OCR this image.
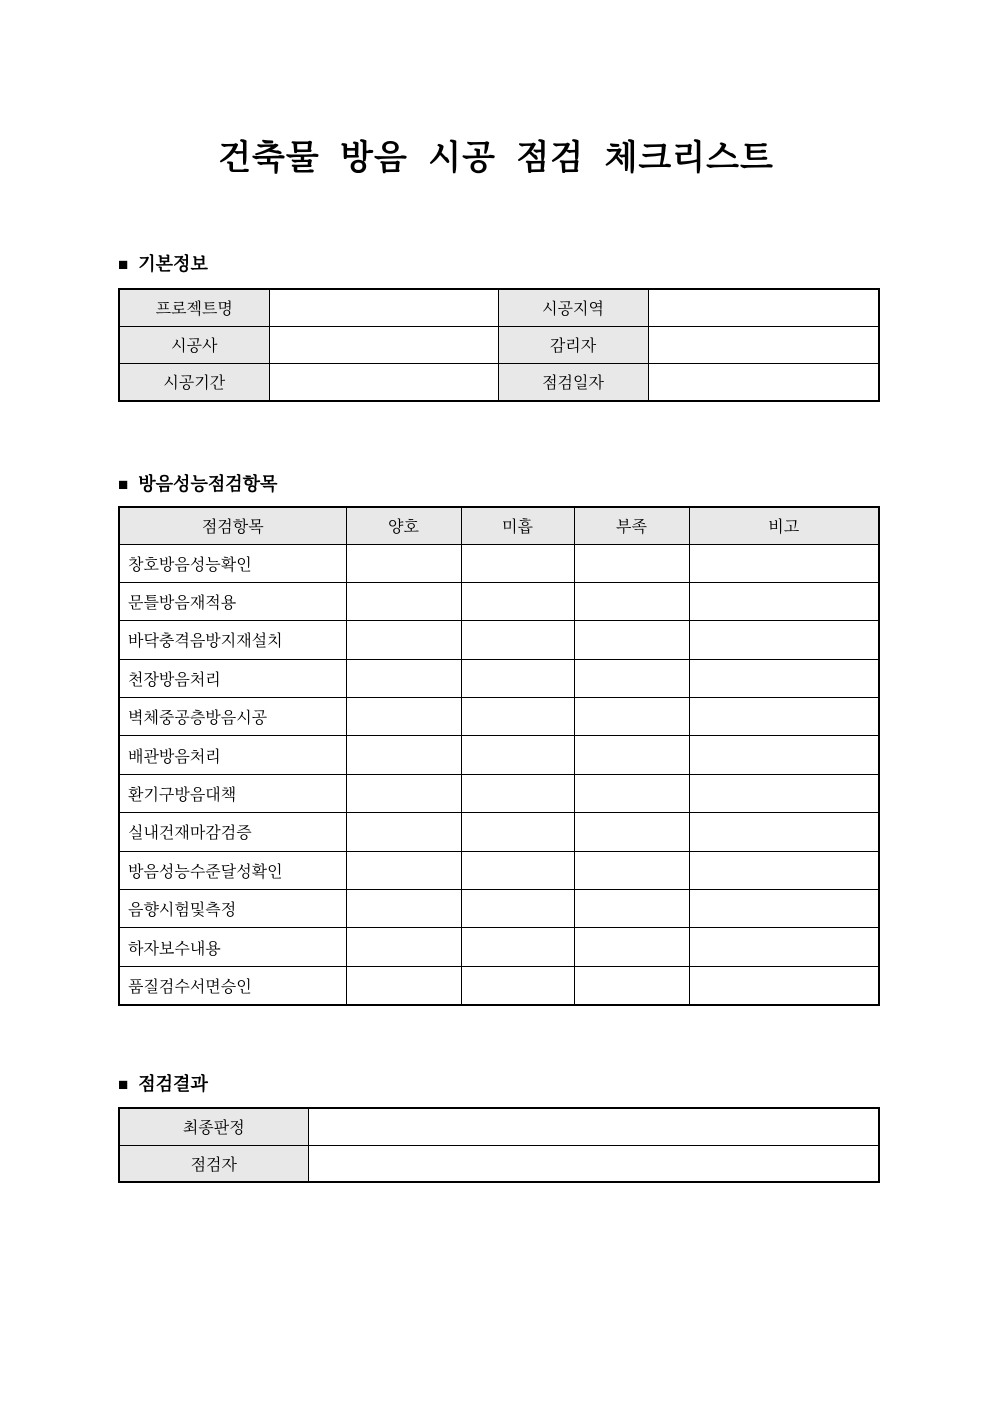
건축물 방음 시공 점검 체크리스트
■ 기본정보
프로젝트명		시공지역	
시공사		감리자	
시공기간		점검일자	
■ 방음성능점검항목
점검항목	양호	미흡	부족	비고
창호방음성능확인				
문틀방음재적용				
바닥충격음방지재설치				
천장방음처리				
벽체중공층방음시공				
배관방음처리				
환기구방음대책				
실내건재마감검증				
방음성능수준달성확인				
음향시험및측정				
하자보수내용				
품질검수서면승인				
■ 점검결과
최종판정	
점검자	
